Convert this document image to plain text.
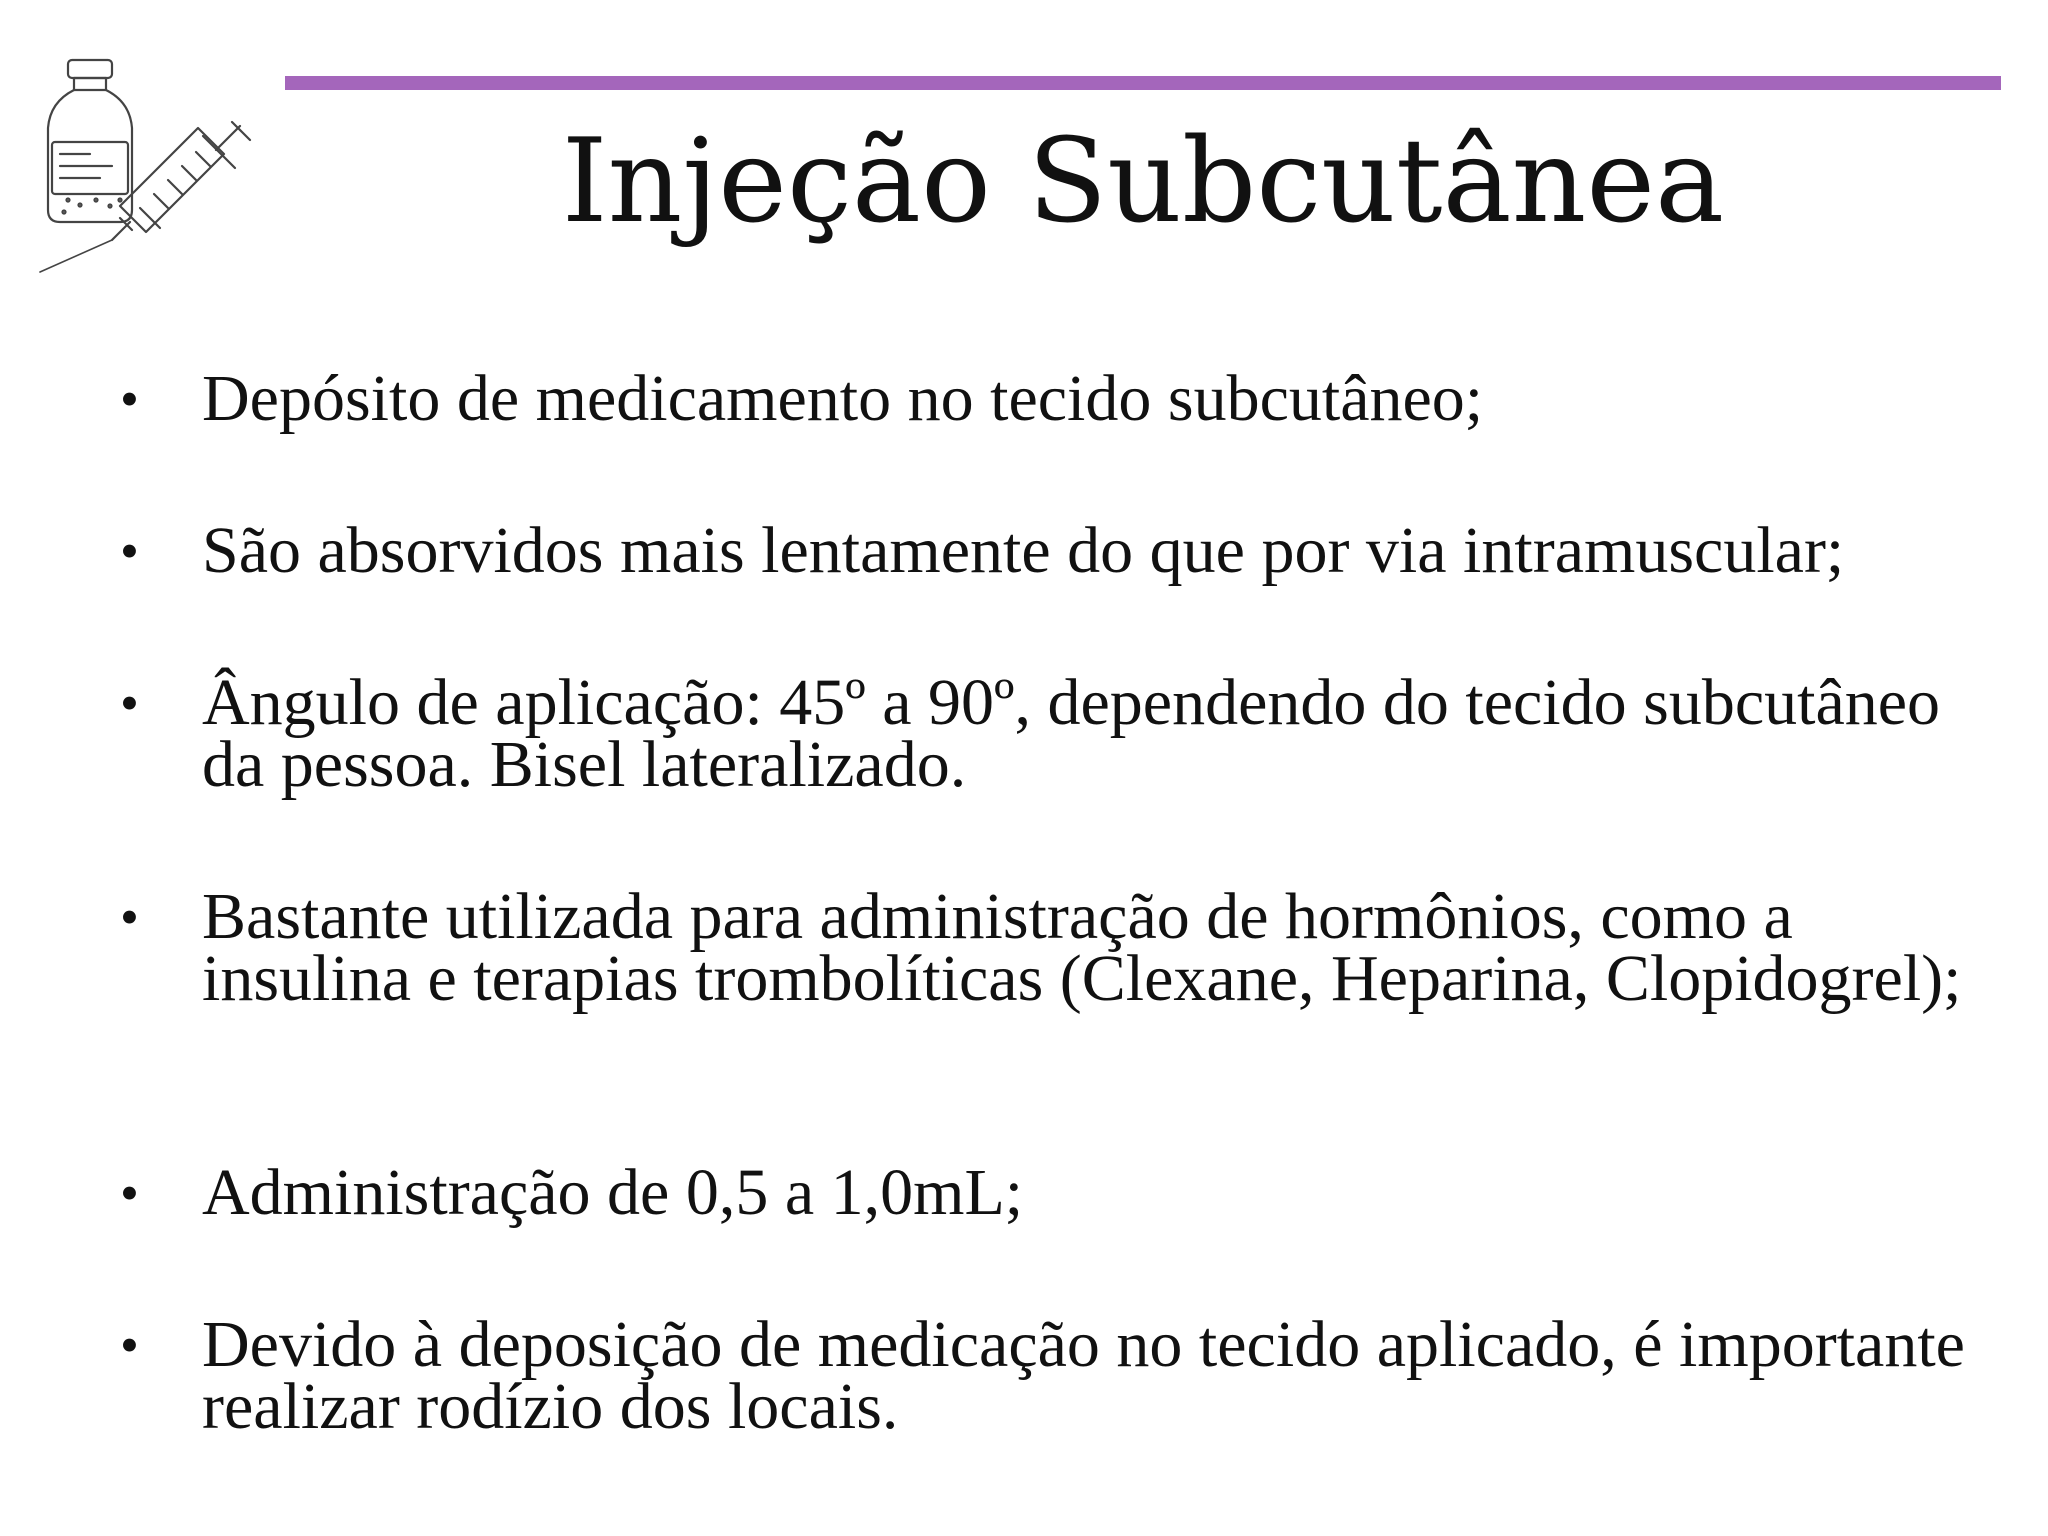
Injeção Subcutânea
• Depósito de medicamento no tecido subcutâneo;
• São absorvidos mais lentamente do que por via intramuscular;
• Ângulo de aplicação: 45º a 90º, dependendo do tecido subcutâneo da pessoa. Bisel lateralizado.
• Bastante utilizada para administração de hormônios, como a insulina e terapias trombolíticas (Clexane, Heparina, Clopidogrel);
• Administração de 0,5 a 1,0mL;
• Devido à deposição de medicação no tecido aplicado, é importante realizar rodízio dos locais.
